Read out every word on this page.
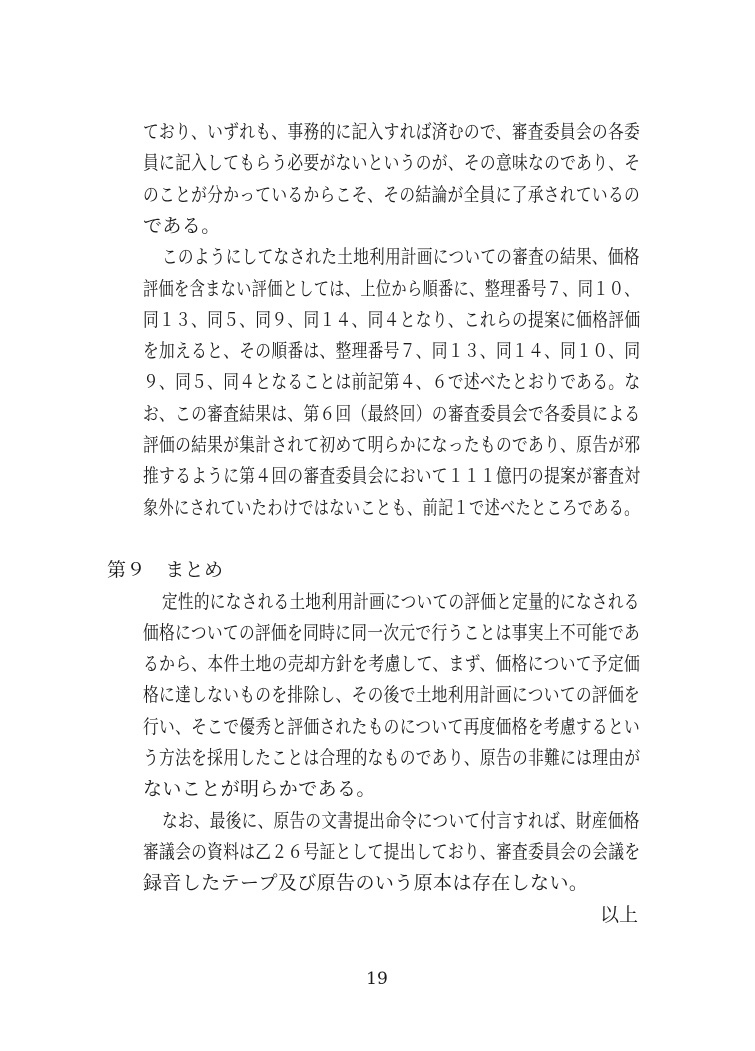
ており、いずれも、事務的に記入すれば済むので、審査委員会の各委

員に記入してもらう必要がないというのが、その意味なのであり、そ

のことが分かっているからこそ、その結論が全員に了承されているの

である。

このようにしてなされた土地利用計画についての審査の結果、価格

評価を含まない評価としては、上位から順番に、整理番号７、同１０、

同１３、同５、同９、同１４、同４となり、これらの提案に価格評価

を加えると、その順番は、整理番号７、同１３、同１４、同１０、同

９、同５、同４となることは前記第４、６で述べたとおりである。な

お、この審査結果は、第６回（最終回）の審査委員会で各委員による

評価の結果が集計されて初めて明らかになったものであり、原告が邪

推するように第４回の審査委員会において１１１億円の提案が審査対

象外にされていたわけではないことも、前記１で述べたところである。

第９　まとめ

定性的になされる土地利用計画についての評価と定量的になされる

価格についての評価を同時に同一次元で行うことは事実上不可能であ

るから、本件土地の売却方針を考慮して、まず、価格について予定価

格に達しないものを排除し、その後で土地利用計画についての評価を

行い、そこで優秀と評価されたものについて再度価格を考慮するとい

う方法を採用したことは合理的なものであり、原告の非難には理由が

ないことが明らかである。

なお、最後に、原告の文書提出命令について付言すれば、財産価格

審議会の資料は乙２６号証として提出しており、審査委員会の会議を

録音したテープ及び原告のいう原本は存在しない。

以上

19
